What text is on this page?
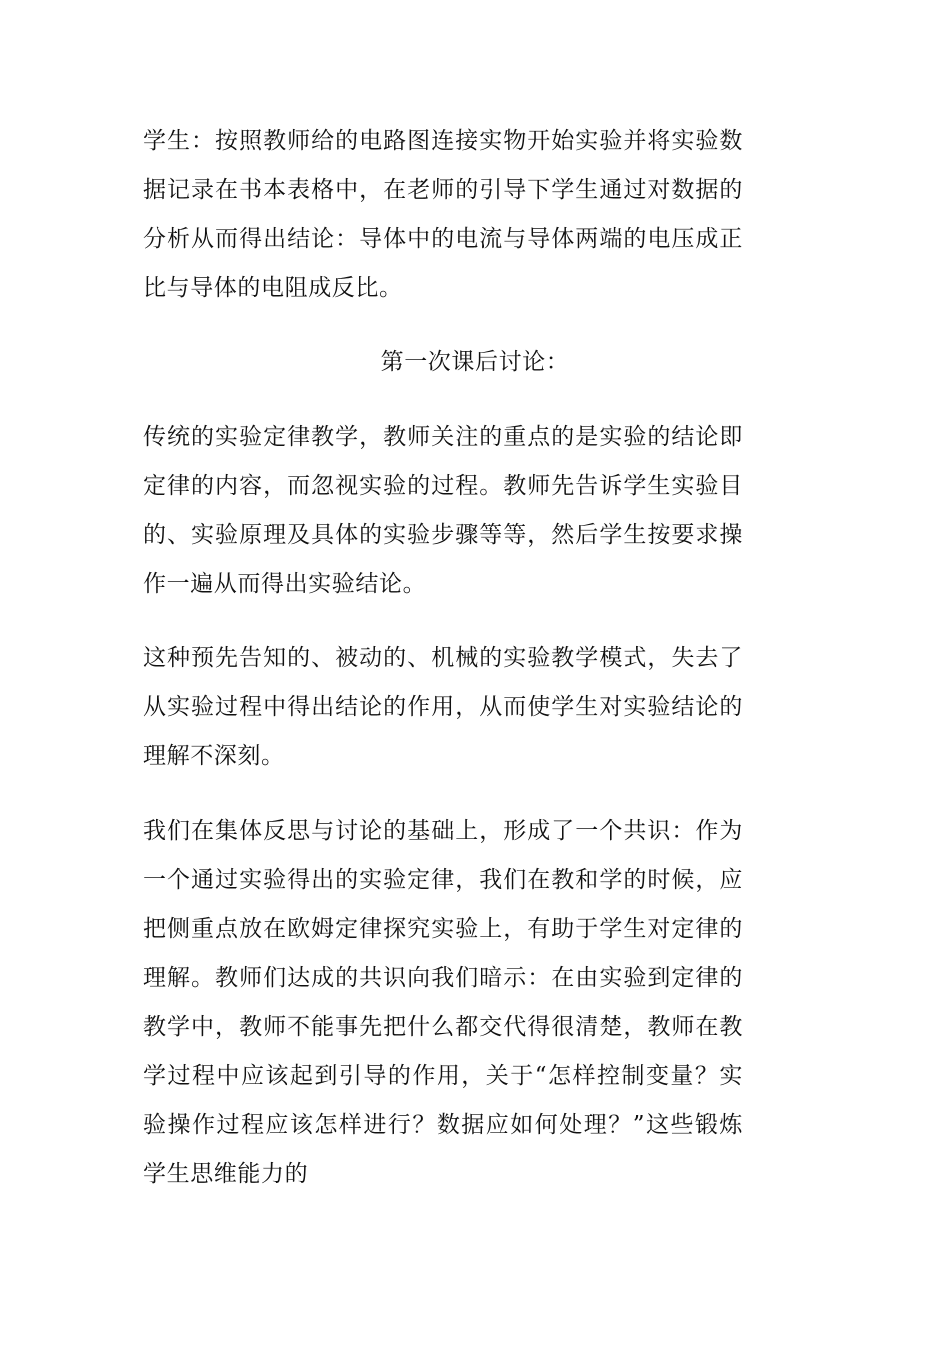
学生：按照教师给的电路图连接实物开始实验并将实验数据记录在书本表格中，在老师的引导下学生通过对数据的分析从而得出结论：导体中的电流与导体两端的电压成正比与导体的电阻成反比。

第一次课后讨论：

传统的实验定律教学，教师关注的重点的是实验的结论即定律的内容，而忽视实验的过程。教师先告诉学生实验目的、实验原理及具体的实验步骤等等，然后学生按要求操作一遍从而得出实验结论。

这种预先告知的、被动的、机械的实验教学模式，失去了从实验过程中得出结论的作用，从而使学生对实验结论的理解不深刻。

我们在集体反思与讨论的基础上，形成了一个共识：作为一个通过实验得出的实验定律，我们在教和学的时候，应把侧重点放在欧姆定律探究实验上，有助于学生对定律的理解。教师们达成的共识向我们暗示：在由实验到定律的教学中，教师不能事先把什么都交代得很清楚，教师在教学过程中应该起到引导的作用，关于“怎样控制变量？实验操作过程应该怎样进行？数据应如何处理？”这些锻炼学生思维能力的
